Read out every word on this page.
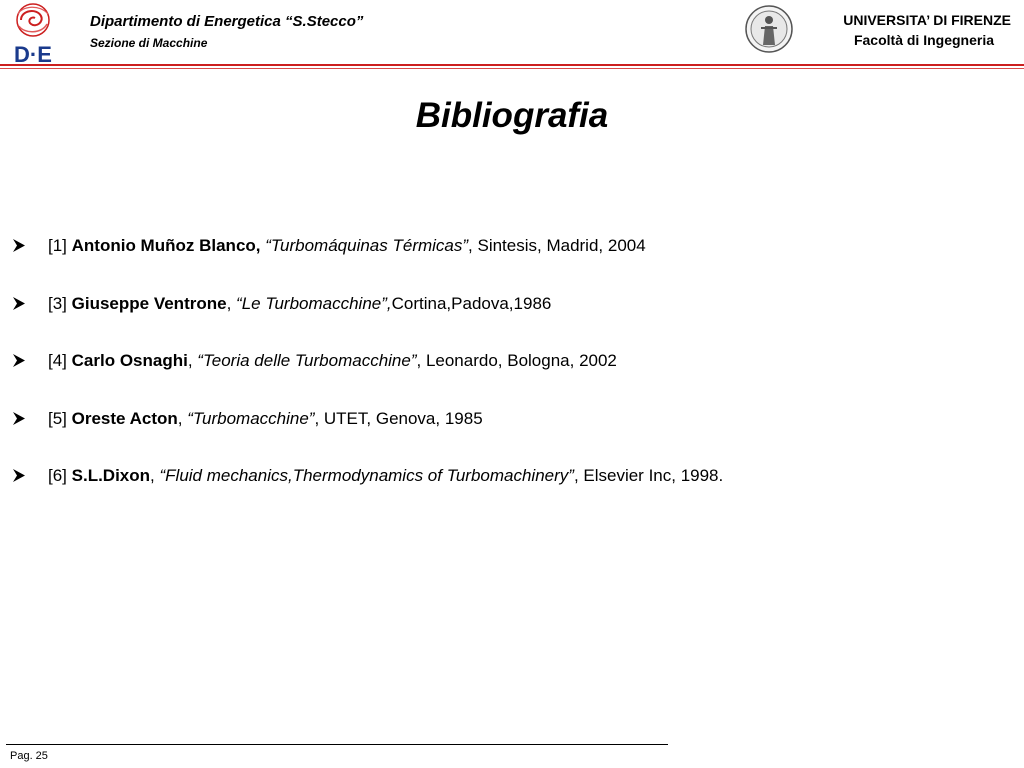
D·E
Dipartimento di Energetica “S.Stecco”
Sezione di Macchine
UNIVERSITA’ DI FIRENZE
Facoltà di Ingegneria
Bibliografia
[1] Antonio Muñoz Blanco, “Turbomáquinas Térmicas”, Sintesis, Madrid, 2004
[3] Giuseppe Ventrone, “Le Turbomacchine”,Cortina,Padova,1986
[4] Carlo Osnaghi, “Teoria delle Turbomacchine”, Leonardo, Bologna, 2002
[5] Oreste Acton, “Turbomacchine”, UTET, Genova, 1985
[6] S.L.Dixon, “Fluid mechanics,Thermodynamics of Turbomachinery”, Elsevier Inc, 1998.
Pag. 25
